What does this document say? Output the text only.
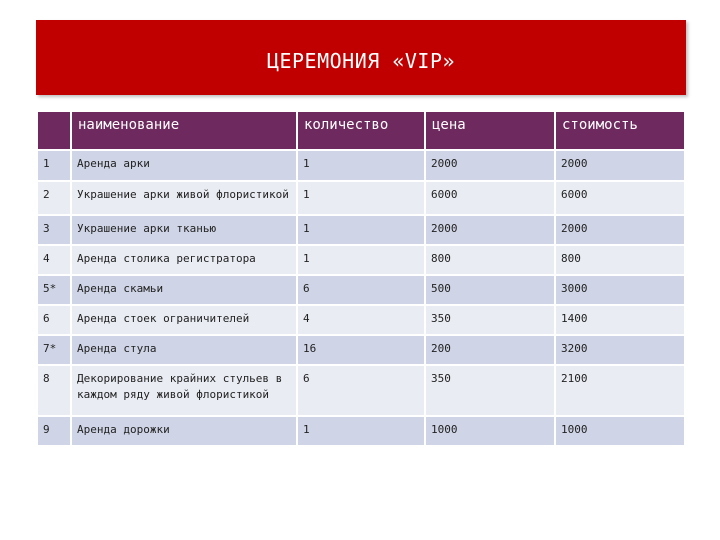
ЦЕРЕМОНИЯ «VIP»
	наименование	количество	цена	стоимость
1	Аренда арки	1	2000	2000
2	Украшение арки живой флористикой	1	6000	6000
3	Украшение арки тканью	1	2000	2000
4	Аренда столика регистратора	1	800	800
5*	Аренда скамьи	6	500	3000
6	Аренда стоек ограничителей	4	350	1400
7*	Аренда стула	16	200	3200
8	Декорирование крайних стульев в каждом ряду живой флористикой	6	350	2100
9	Аренда дорожки	1	1000	1000
